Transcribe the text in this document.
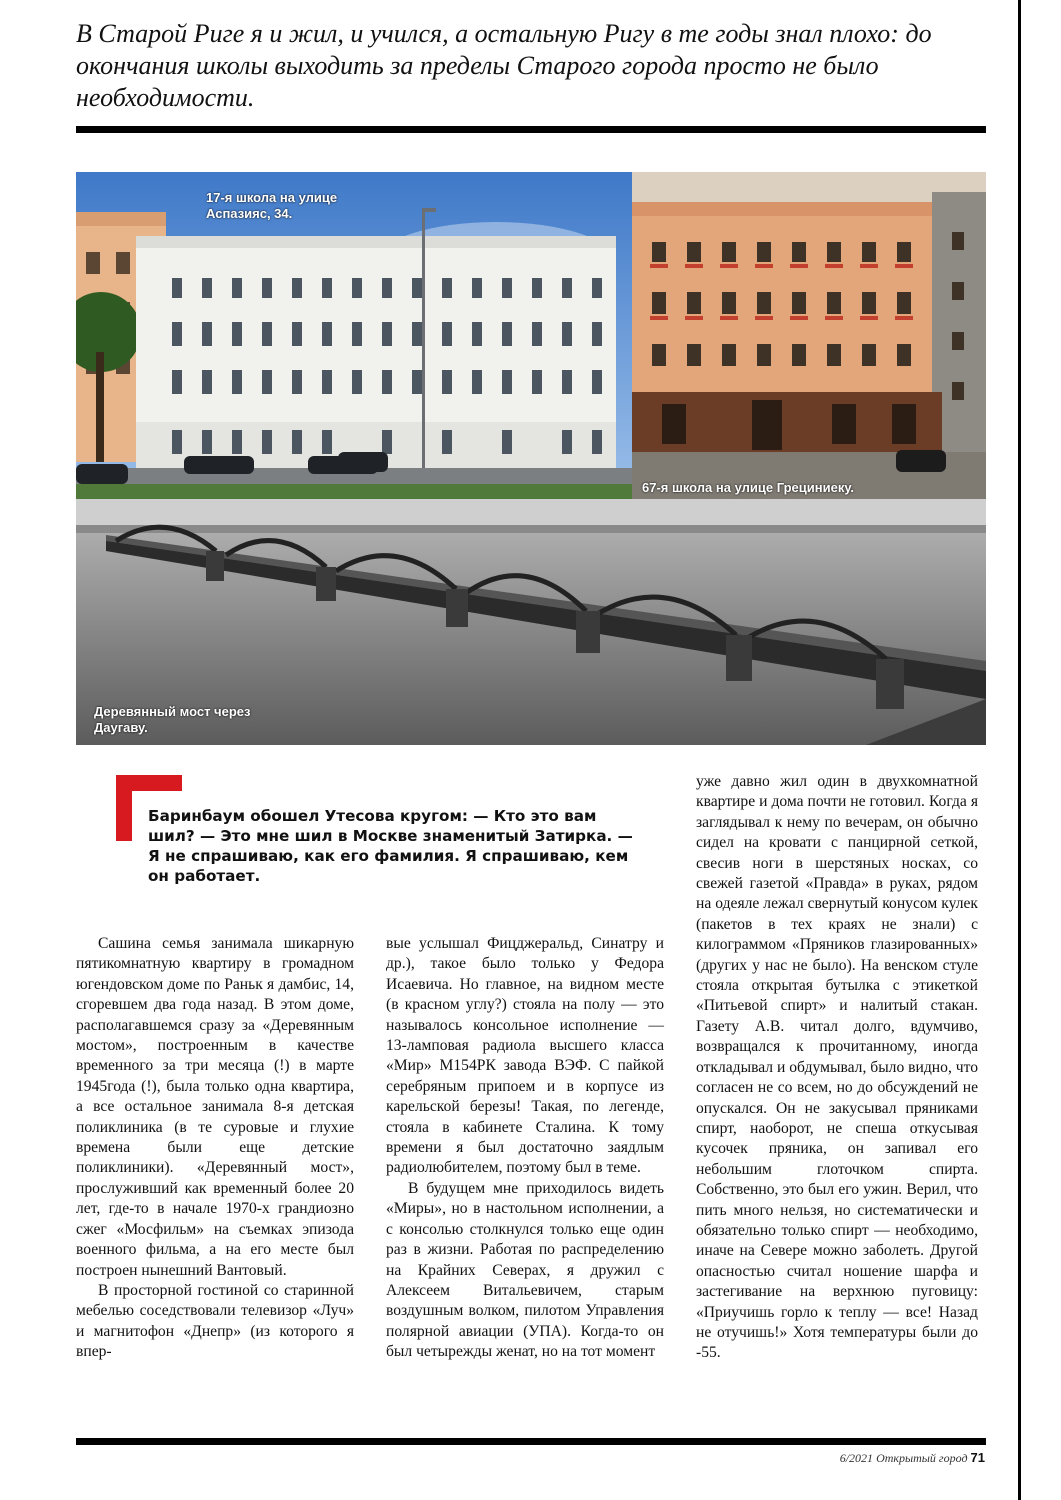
В Старой Риге я и жил, и учился, а остальную Ригу в те годы знал плохо: до окончания школы выходить за пределы Старого города просто не было необходимости.

17-я школа на улице Аспазияс, 34.
67-я школа на улице Грециниеку.
Деревянный мост через Даугаву.

Баринбаум обошел Утесова кругом: — Кто это вам шил? — Это мне шил в Москве знаменитый Затирка. — Я не спрашиваю, как его фамилия. Я спрашиваю, кем он работает.

Сашина семья занимала шикарную пятикомнатную квартиру в громадном югендовском доме по Раньк я дамбис, 14, сгоревшем два года назад. В этом доме, располагавшемся сразу за «Деревянным мостом», построенным в качестве временного за три месяца (!) в марте 1945года (!), была только одна квартира, а все остальное занимала 8-я детская поликлиника (в те суровые и глухие времена были еще детские поликлиники). «Деревянный мост», прослуживший как временный более 20 лет, где-то в начале 1970-х грандиозно сжег «Мосфильм» на съемках эпизода военного фильма, а на его месте был построен нынешний Вантовый.

В просторной гостиной со старинной мебелью соседствовали телевизор «Луч» и магнитофон «Днепр» (из которого я впер-

вые услышал Фицджеральд, Синатру и др.), такое было только у Федора Исаевича. Но главное, на видном месте (в красном углу?) стояла на полу — это называлось консольное исполнение — 13-ламповая радиола высшего класса «Мир» М154РК завода ВЭФ. С пайкой серебряным припоем и в корпусе из карельской березы! Такая, по легенде, стояла в кабинете Сталина. К тому времени я был достаточно заядлым радиолюбителем, поэтому был в теме.

В будущем мне приходилось видеть «Миры», но в настольном исполнении, а с консолью столкнулся только еще один раз в жизни. Работая по распределению на Крайних Северах, я дружил с Алексеем Витальевичем, старым воздушным волком, пилотом Управления полярной авиации (УПА). Когда-то он был четырежды женат, но на тот момент

уже давно жил один в двухкомнатной квартире и дома почти не готовил. Когда я заглядывал к нему по вечерам, он обычно сидел на кровати с панцирной сеткой, свесив ноги в шерстяных носках, со свежей газетой «Правда» в руках, рядом на одеяле лежал свернутый конусом кулек (пакетов в тех краях не знали) с килограммом «Пряников глазированных» (других у нас не было). На венском стуле стояла открытая бутылка с этикеткой «Питьевой спирт» и налитый стакан. Газету А.В. читал долго, вдумчиво, возвращался к прочитанному, иногда откладывал и обдумывал, было видно, что согласен не со всем, но до обсуждений не опускался. Он не закусывал пряниками спирт, наоборот, не спеша откусывая кусочек пряника, он запивал его небольшим глоточком спирта. Собственно, это был его ужин. Верил, что пить много нельзя, но систематически и обязательно только спирт — необходимо, иначе на Севере можно заболеть. Другой опасностью считал ношение шарфа и застегивание на верхнюю пуговицу: «Приучишь горло к теплу — все! Назад не отучишь!» Хотя температуры были до -55.

6/2021 Открытый город 71
